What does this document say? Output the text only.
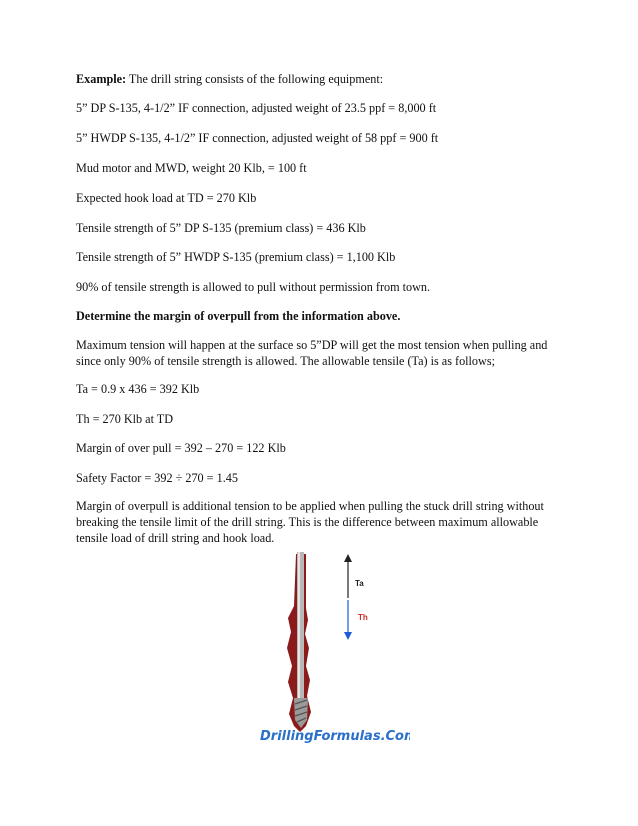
Example: The drill string consists of the following equipment:
5” DP S-135, 4-1/2” IF connection, adjusted weight of 23.5 ppf = 8,000 ft
5” HWDP S-135, 4-1/2” IF connection, adjusted weight of 58 ppf = 900 ft
Mud motor and MWD, weight 20 Klb, = 100 ft
Expected hook load at TD = 270 Klb
Tensile strength of 5” DP S-135 (premium class) = 436 Klb
Tensile strength of 5” HWDP S-135 (premium class) = 1,100 Klb
90% of tensile strength is allowed to pull without permission from town.
Determine the margin of overpull from the information above.
Maximum tension will happen at the surface so 5”DP will get the most tension when pulling and since only 90% of tensile strength is allowed. The allowable tensile (Ta) is as follows;
Ta = 0.9 x 436 = 392 Klb
Th = 270 Klb at TD
Margin of over pull = 392 – 270 = 122 Klb
Safety Factor = 392 ÷ 270 = 1.45
Margin of overpull is additional tension to be applied when pulling the stuck drill string without breaking the tensile limit of the drill string. This is the difference between maximum allowable tensile load of drill string and hook load.
Ta
Th
DrillingFormulas.Com
